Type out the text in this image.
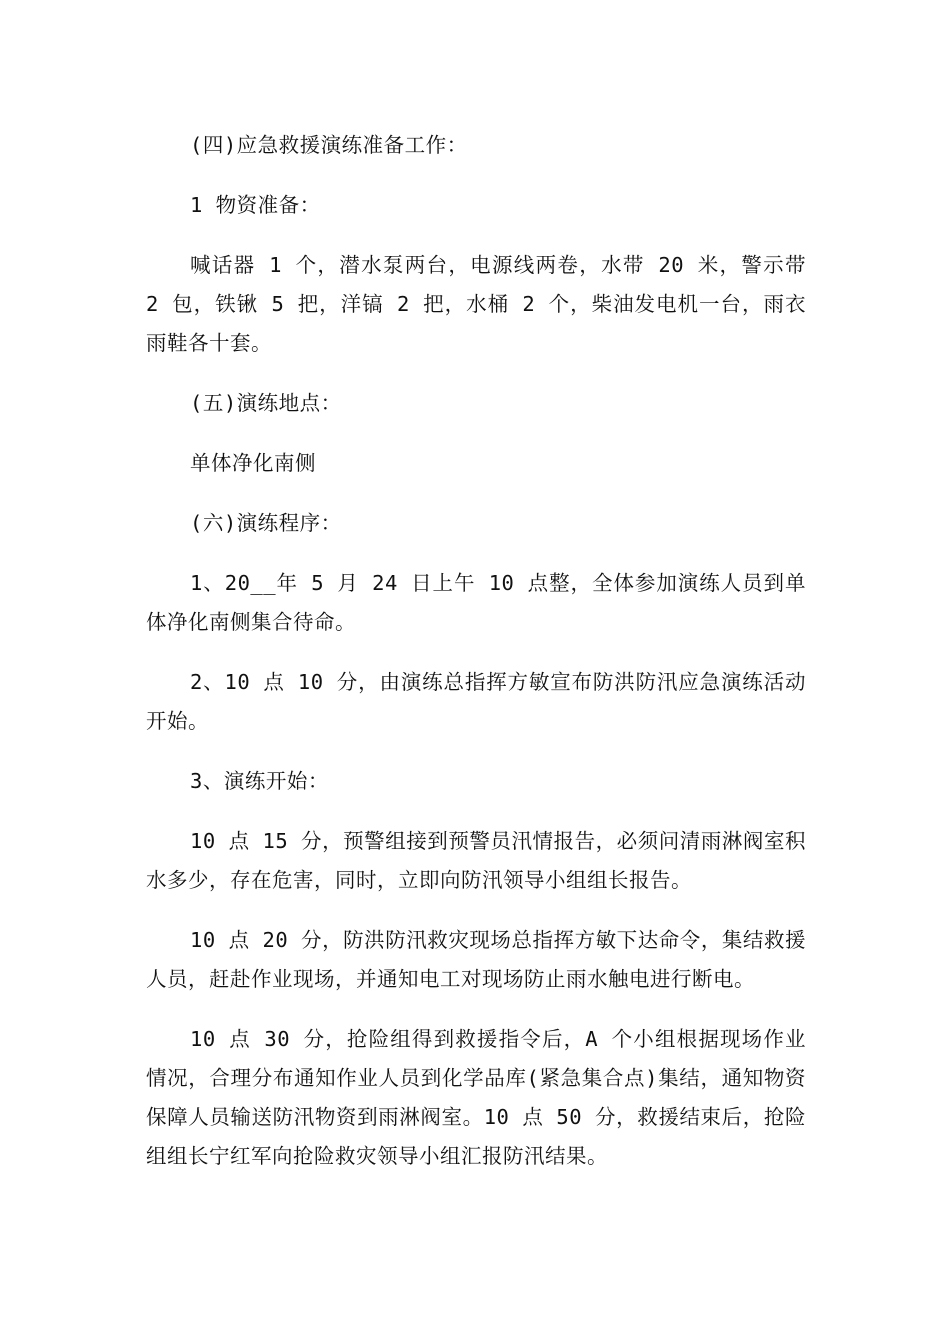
(四)应急救援演练准备工作：

1 物资准备：

喊话器 1 个，潜水泵两台，电源线两卷，水带 20 米，警示带 2 包，铁锹 5 把，洋镐 2 把，水桶 2 个，柴油发电机一台，雨衣雨鞋各十套。

(五)演练地点：

单体净化南侧

(六)演练程序：

1、20__年 5 月 24 日上午 10 点整，全体参加演练人员到单体净化南侧集合待命。

2、10 点 10 分，由演练总指挥方敏宣布防洪防汛应急演练活动开始。

3、演练开始：

10 点 15 分，预警组接到预警员汛情报告，必须问清雨淋阀室积水多少，存在危害，同时，立即向防汛领导小组组长报告。

10 点 20 分，防洪防汛救灾现场总指挥方敏下达命令，集结救援人员，赶赴作业现场，并通知电工对现场防止雨水触电进行断电。

10 点 30 分，抢险组得到救援指令后，A 个小组根据现场作业情况，合理分布通知作业人员到化学品库(紧急集合点)集结，通知物资保障人员输送防汛物资到雨淋阀室。10 点 50 分，救援结束后，抢险组组长宁红军向抢险救灾领导小组汇报防汛结果。
